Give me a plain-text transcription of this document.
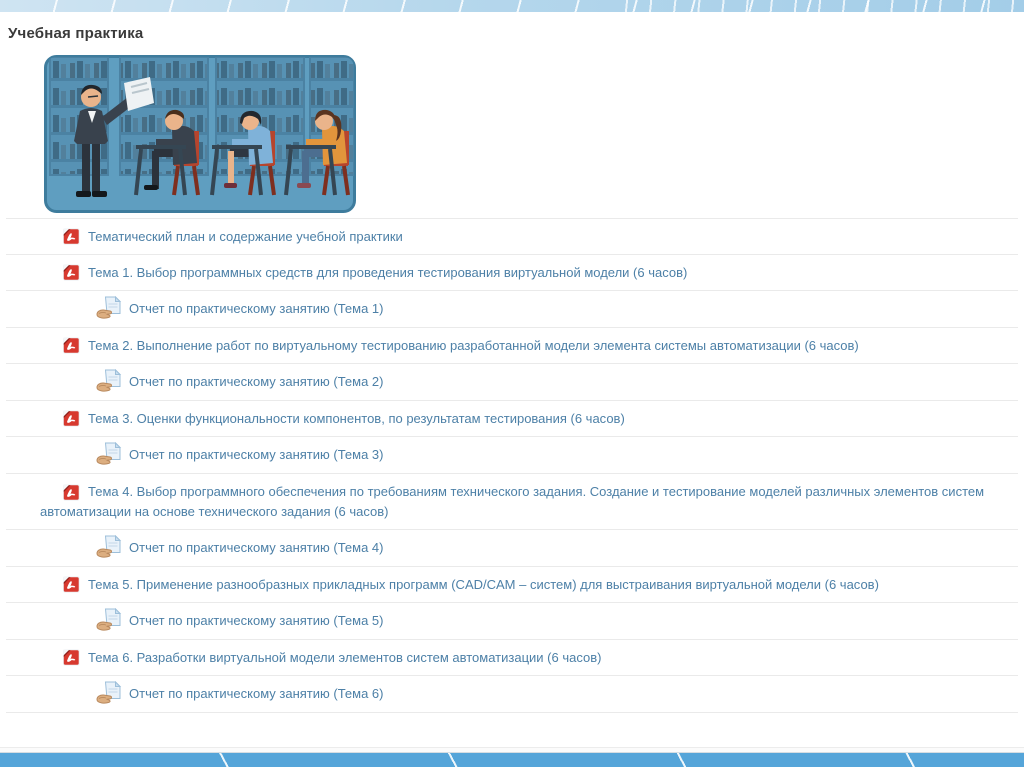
Учебная практика
Тематический план и содержание учебной практики
Тема 1. Выбор программных средств для проведения тестирования виртуальной модели (6 часов)
Отчет по практическому занятию (Тема 1)
Тема 2. Выполнение работ по виртуальному тестированию разработанной модели элемента системы автоматизации (6 часов)
Отчет по практическому занятию (Тема 2)
Тема 3. Оценки функциональности компонентов, по результатам тестирования (6 часов)
Отчет по практическому занятию (Тема 3)
Тема 4. Выбор программного обеспечения по требованиям технического задания. Создание и тестирование моделей различных элементов систем автоматизации на основе технического задания (6 часов)
Отчет по практическому занятию (Тема 4)
Тема 5. Применение разнообразных прикладных программ (CAD/CAM – систем) для выстраивания виртуальной модели (6 часов)
Отчет по практическому занятию (Тема 5)
Тема 6. Разработки виртуальной модели элементов систем автоматизации (6 часов)
Отчет по практическому занятию (Тема 6)
